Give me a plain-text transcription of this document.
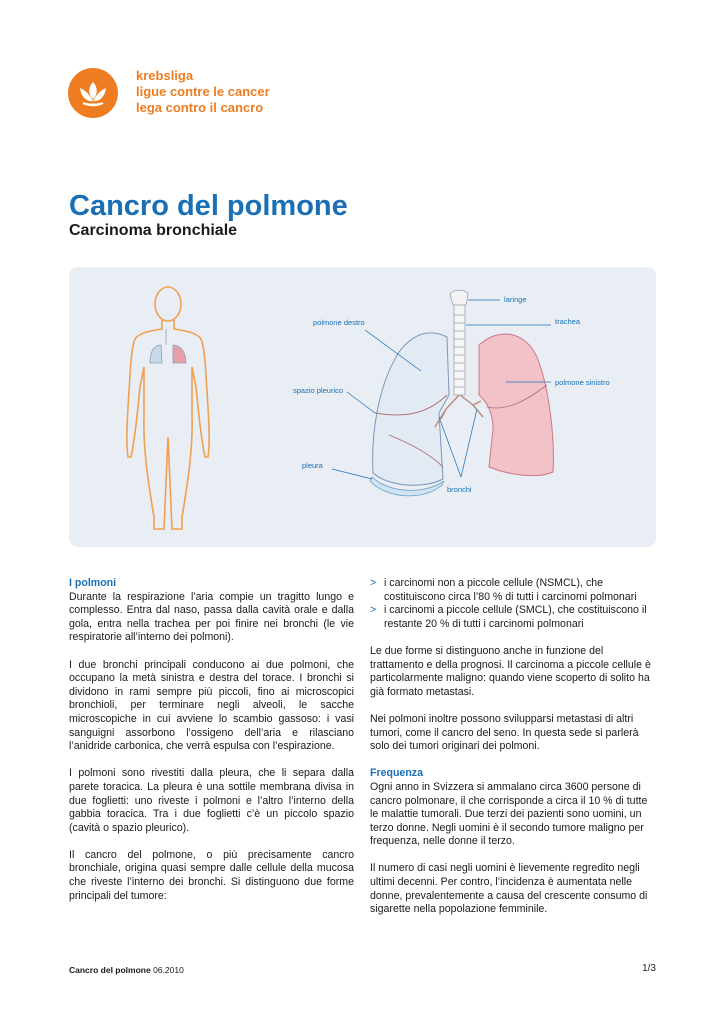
krebsliga
ligue contre le cancer
lega contro il cancro
Cancro del polmone
Carcinoma bronchiale
laringe
trachea
polmone destro
polmone sinistro
spazio pleurico
pleura
bronchi
I polmoni

Durante la respirazione l’aria compie un tragitto lungo e complesso. Entra dal naso, passa dalla cavità orale e dalla gola, entra nella trachea per poi finire nei bronchi (le vie respiratorie all’interno dei polmoni).

I due bronchi principali conducono ai due polmoni, che occupano la metà sinistra e destra del torace. I bronchi si dividono in rami sempre più piccoli, fino ai microscopici bronchioli, per terminare negli alveoli, le sacche microscopiche in cui avviene lo scambio gassoso: i vasi sanguigni assorbono l’ossigeno dell’aria e rilasciano l’anidride carbonica, che verrà espulsa con l’espirazione.

I polmoni sono rivestiti dalla pleura, che li separa dalla parete toracica. La pleura è una sottile membrana divisa in due foglietti: uno riveste i polmoni e l’altro l’interno della gabbia toracica. Tra i due foglietti c’è un piccolo spazio (cavità o spazio pleurico).

Il cancro del polmone, o più precisamente cancro bronchiale, origina quasi sempre dalle cellule della mucosa che riveste l’interno dei bronchi. Si distinguono due forme principali del tumore:

> i carcinomi non a piccole cellule (NSMCL), che costituiscono circa l’80 % di tutti i carcinomi polmonari
> i carcinomi a piccole cellule (SMCL), che costituiscono il restante 20 % di tutti i carcinomi polmonari

Le due forme si distinguono anche in funzione del trattamento e della prognosi. Il carcinoma a piccole cellule è particolarmente maligno: quando viene scoperto di solito ha già formato metastasi.

Nei polmoni inoltre possono svilupparsi metastasi di altri tumori, come il cancro del seno. In questa sede si parlerà solo dei tumori originari dei polmoni.

Frequenza

Ogni anno in Svizzera si ammalano circa 3600 persone di cancro polmonare, il che corrisponde a circa il 10 % di tutte le malattie tumorali. Due terzi dei pazienti sono uomini, un terzo donne. Negli uomini è il secondo tumore maligno per frequenza, nelle donne il terzo.

Il numero di casi negli uomini è lievemente regredito negli ultimi decenni. Per contro, l’incidenza è aumentata nelle donne, prevalentemente a causa del crescente consumo di sigarette nella popolazione femminile.

Cancro del polmone 06.2010	1/3
